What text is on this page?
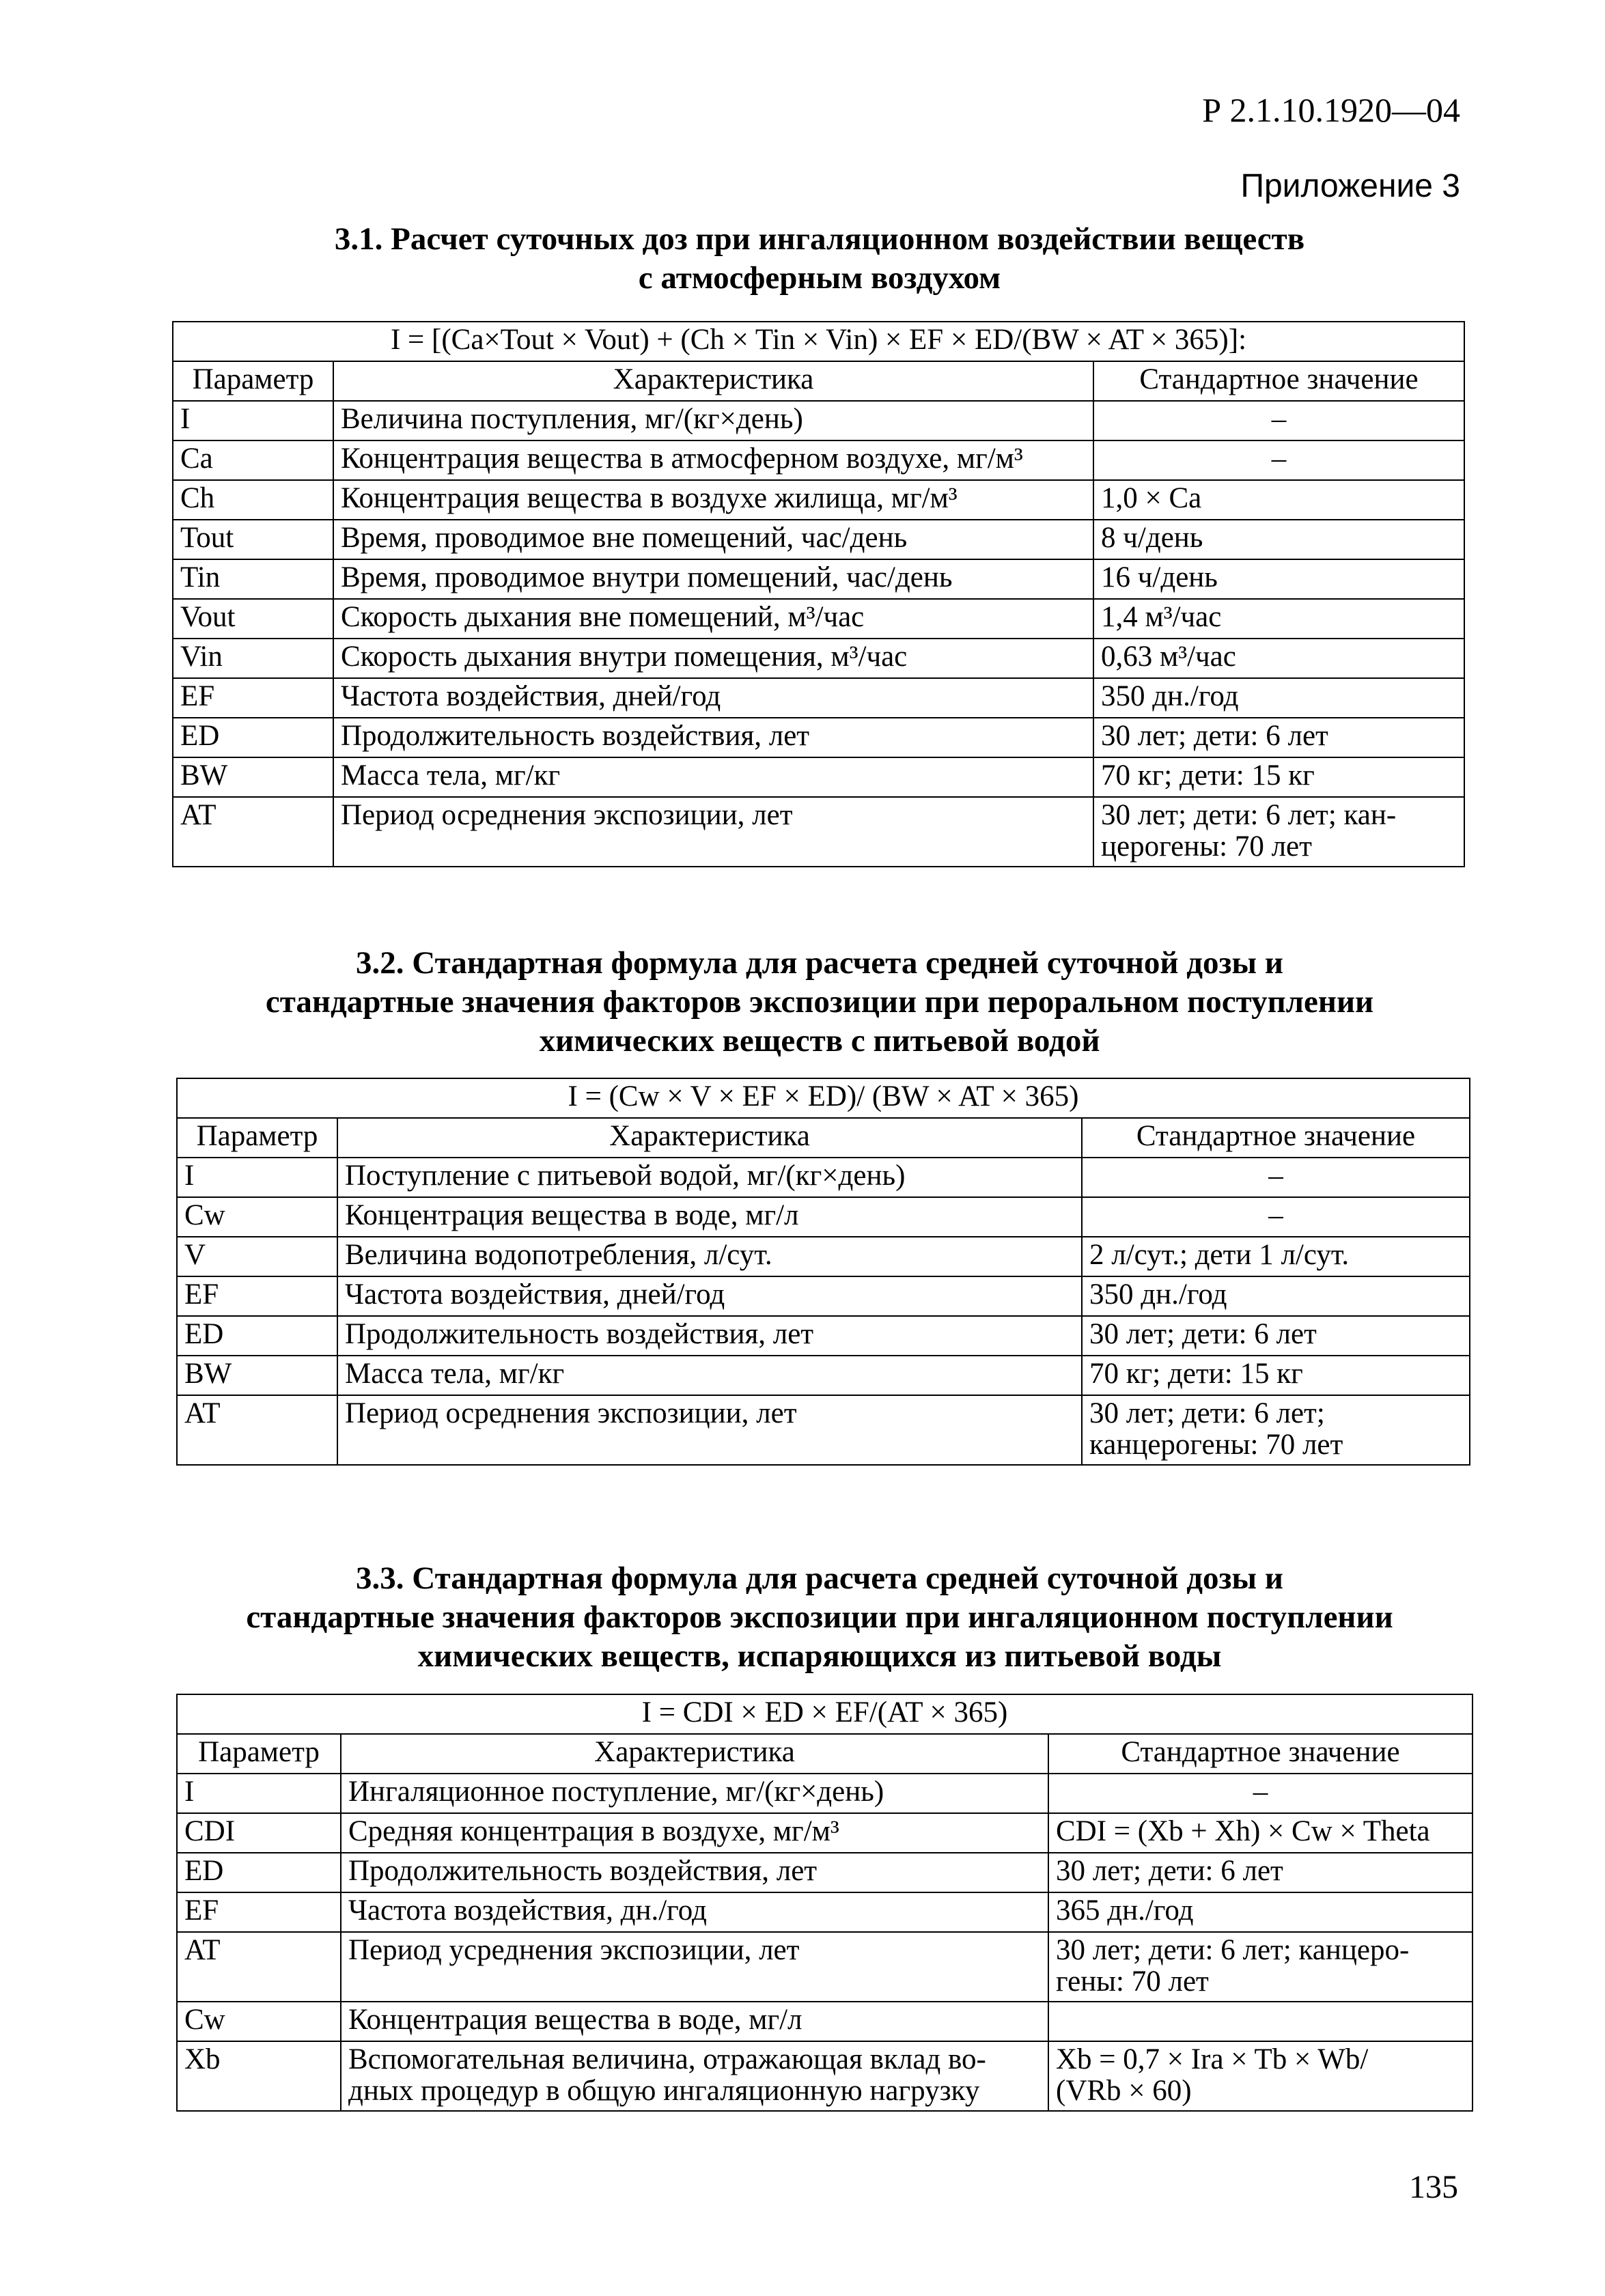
Р 2.1.10.1920—04
Приложение 3
3.1. Расчет суточных доз при ингаляционном воздействии веществ
с атмосферным воздухом
I = [(Ca×Tout × Vout) + (Ch × Tin × Vin) × EF × ED/(BW × AT × 365)]:		
Параметр	Характеристика	Стандартное значение
I	Величина поступления, мг/(кг×день)	–
Ca	Концентрация вещества в атмосферном воздухе, мг/м³	–
Ch	Концентрация вещества в воздухе жилища, мг/м³	1,0 × Ca
Tout	Время, проводимое вне помещений, час/день	8 ч/день
Tin	Время, проводимое внутри помещений, час/день	16 ч/день
Vout	Скорость дыхания вне помещений, м³/час	1,4 м³/час
Vin	Скорость дыхания внутри помещения, м³/час	0,63 м³/час
EF	Частота воздействия, дней/год	350 дн./год
ED	Продолжительность воздействия, лет	30 лет; дети: 6 лет
BW	Масса тела, мг/кг	70 кг; дети: 15 кг
AT	Период осреднения экспозиции, лет	30 лет; дети: 6 лет; кан-
церогены: 70 лет
3.2. Стандартная формула для расчета средней суточной дозы и
стандартные значения факторов экспозиции при пероральном поступлении
химических веществ с питьевой водой
I = (Cw × V × EF × ED)/ (BW × AT × 365)		
Параметр	Характеристика	Стандартное значение
I	Поступление с питьевой водой, мг/(кг×день)	–
Cw	Концентрация вещества в воде, мг/л	–
V	Величина водопотребления, л/сут.	2 л/сут.; дети 1 л/сут.
EF	Частота воздействия, дней/год	350 дн./год
ED	Продолжительность воздействия, лет	30 лет; дети: 6 лет
BW	Масса тела, мг/кг	70 кг; дети: 15 кг
AT	Период осреднения экспозиции, лет	30 лет; дети: 6 лет;
канцерогены: 70 лет
3.3. Стандартная формула для расчета средней суточной дозы и
стандартные значения факторов экспозиции при ингаляционном поступлении
химических веществ, испаряющихся из питьевой воды
I = CDI × ED × EF/(AT × 365)		
Параметр	Характеристика	Стандартное значение
I	Ингаляционное поступление, мг/(кг×день)	–
CDI	Средняя концентрация в воздухе, мг/м³	CDI = (Xb + Xh) × Cw × Theta
ED	Продолжительность воздействия, лет	30 лет; дети: 6 лет
EF	Частота воздействия, дн./год	365 дн./год
AT	Период усреднения экспозиции, лет	30 лет; дети: 6 лет; канцеро-
гены: 70 лет
Cw	Концентрация вещества в воде, мг/л	
Xb	Вспомогательная величина, отражающая вклад во-
дных процедур в общую ингаляционную нагрузку	Xb = 0,7 × Ira × Tb × Wb/
(VRb × 60)
135
